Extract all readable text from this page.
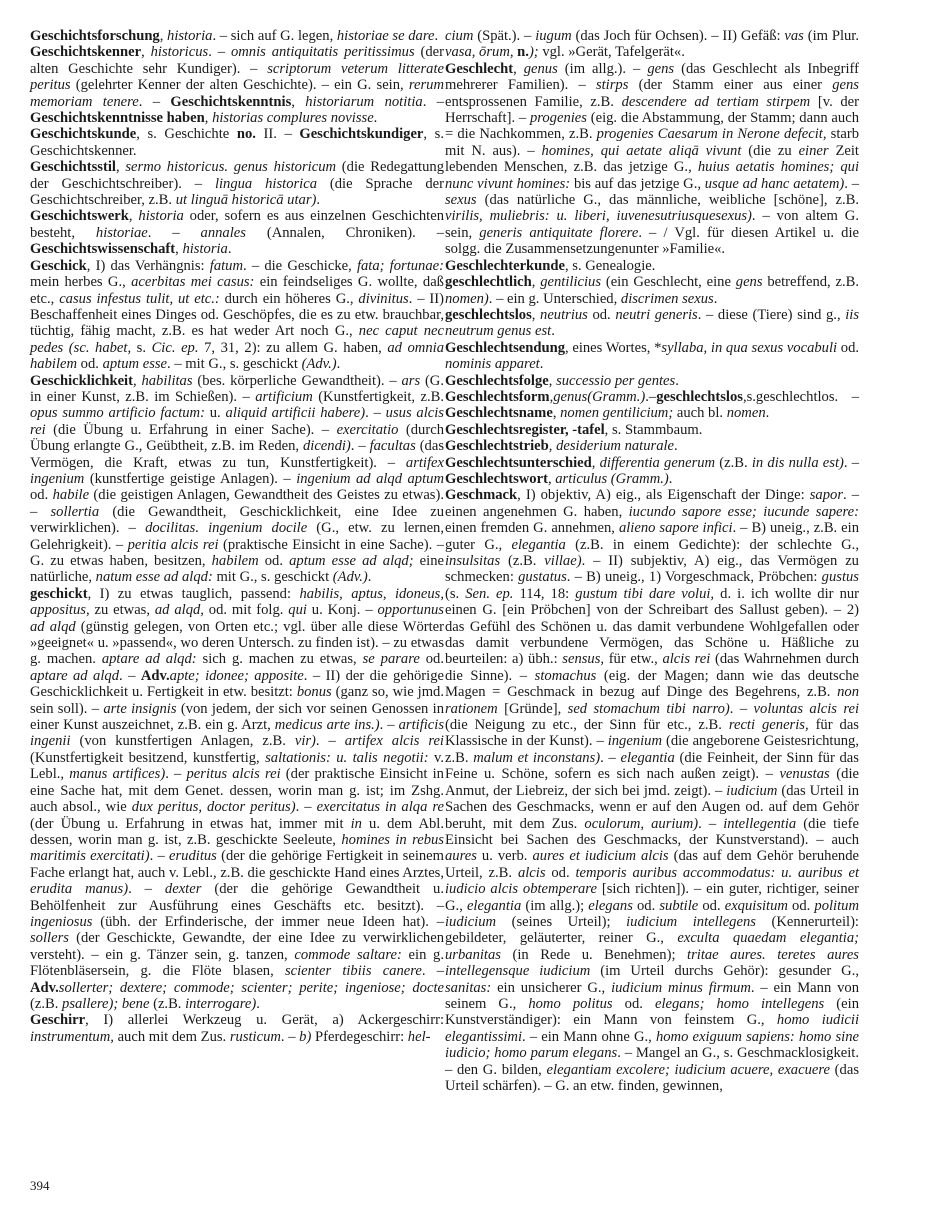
Geschichtsforschung, historia. – sich auf G. legen, historiae se dare.

Geschichtskenner, historicus. – omnis antiquitatis peritissimus (der alten Geschichte sehr Kundiger). – scriptorum veterum litterate peritus (gelehrter Kenner der alten Geschichte). – ein G. sein, rerum memoriam tenere. – Geschichtskenntnis, historiarum notitia. – Geschichtskenntnisse haben, historias complures novisse.

Geschichtskunde, s. Geschichte no. II. – Geschichtskundiger, s. Geschichtskenner.

Geschichtsstil, sermo historicus. genus historicum (die Redegattung der Geschichtschreiber). – lingua historica (die Sprache der Geschichtschreiber, z.B. ut linguā historicā utar).

Geschichtswerk, historia oder, sofern es aus einzelnen Geschichten besteht, historiae. – annales (Annalen, Chroniken). – Geschichtswissenschaft, historia.

Geschick, I) das Verhängnis: fatum. – die Geschicke, fata; fortunae: mein herbes G., acerbitas mei casus: ein feindseliges G. wollte, daß etc., casus infestus tulit, ut etc.: durch ein höheres G., divinitus. – II) Beschaffenheit eines Dinges od. Geschöpfes, die es zu etw. brauchbar, tüchtig, fähig macht, z.B. es hat weder Art noch G., nec caput nec pedes (sc. habet, s. Cic. ep. 7, 31, 2): zu allem G. haben, ad omnia habilem od. aptum esse. – mit G., s. geschickt (Adv.).

Geschicklichkeit, habilitas (bes. körperliche Gewandtheit). – ars (G. in einer Kunst, z.B. im Schießen). – artificium (Kunstfertigkeit, z.B. opus summo artificio factum: u. aliquid artificii habere). – usus alcis rei (die Übung u. Erfahrung in einer Sache). – exercitatio (durch Übung erlangte G., Geübtheit, z.B. im Reden, dicendi). – facultas (das Vermögen, die Kraft, etwas zu tun, Kunstfertigkeit). – artifex ingenium (kunstfertige geistige Anlagen). – ingenium ad alqd aptum od. habile (die geistigen Anlagen, Gewandtheit des Geistes zu etwas). – sollertia (die Gewandtheit, Geschicklichkeit, eine Idee zu verwirklichen). – docilitas. ingenium docile (G., etw. zu lernen, Gelehrigkeit). – peritia alcis rei (praktische Einsicht in eine Sache). – G. zu etwas haben, besitzen, habilem od. aptum esse ad alqd; eine natürliche, natum esse ad alqd: mit G., s. geschickt (Adv.).

geschickt, I) zu etwas tauglich, passend: habilis, aptus, idoneus, appositus, zu etwas, ad alqd, od. mit folg. qui u. Konj. – opportunus ad alqd (günstig gelegen, von Orten etc.; vgl. über alle diese Wörter »geeignet« u. »passend«, wo deren Untersch. zu finden ist). – zu etwas g. machen. aptare ad alqd: sich g. machen zu etwas, se parare od. aptare ad alqd. – Adv.apte; idonee; apposite. – II) der die gehörige Geschicklichkeit u. Fertigkeit in etw. besitzt: bonus (ganz so, wie jmd. sein soll). – arte insignis (von jedem, der sich vor seinen Genossen in einer Kunst auszeichnet, z.B. ein g. Arzt, medicus arte ins.). – artificis ingenii (von kunstfertigen Anlagen, z.B. vir). – artifex alcis rei (Kunstfertigkeit besitzend, kunstfertig, saltationis: u. talis negotii: v. Lebl., manus artifices). – peritus alcis rei (der praktische Einsicht in eine Sache hat, mit dem Genet. dessen, worin man g. ist; im Zshg. auch absol., wie dux peritus, doctor peritus). – exercitatus in alqa re (der Übung u. Erfahrung in etwas hat, immer mit in u. dem Abl. dessen, worin man g. ist, z.B. geschickte Seeleute, homines in rebus maritimis exercitati). – eruditus (der die gehörige Fertigkeit in seinem Fache erlangt hat, auch v. Lebl., z.B. die geschickte Hand eines Arztes, erudita manus). – dexter (der die gehörige Gewandtheit u. Behölfenheit zur Ausführung eines Geschäfts etc. besitzt). – ingeniosus (übh. der Erfinderische, der immer neue Ideen hat). – sollers (der Geschickte, Gewandte, der eine Idee zu verwirklichen versteht). – ein g. Tänzer sein, g. tanzen, commode saltare: ein g. Flötenbläsersein, g. die Flöte blasen, scienter tibiis canere. – Adv.sollerter; dextere; commode; scienter; perite; ingeniose; docte (z.B. psallere); bene (z.B. interrogare).

Geschirr, I) allerlei Werkzeug u. Gerät, a) Ackergeschirr: instrumentum, auch mit dem Zus. rusticum. – b) Pferdegeschirr: hel-

cium (Spät.). – iugum (das Joch für Ochsen). – II) Gefäß: vas (im Plur. vasa, ōrum, n.); vgl. »Gerät, Tafelgerät«.

Geschlecht, genus (im allg.). – gens (das Geschlecht als Inbegriff mehrerer Familien). – stirps (der Stamm einer aus einer gens entsprossenen Familie, z.B. descendere ad tertiam stirpem [v. der Herrschaft]. – progenies (eig. die Abstammung, der Stamm; dann auch = die Nachkommen, z.B. progenies Caesarum in Nerone defecit, starb mit N. aus). – homines, qui aetate aliqā vivunt (die zu einer Zeit lebenden Menschen, z.B. das jetzige G., huius aetatis homines; qui nunc vivunt homines: bis auf das jetzige G., usque ad hanc aetatem). – sexus (das natürliche G., das männliche, weibliche [schöne], z.B. virilis, muliebris: u. liberi, iuvenesutriusquesexus). – von altem G. sein, generis antiquitate florere. – / Vgl. für diesen Artikel u. die solgg. die Zusammensetzungenunter »Familie«.

Geschlechterkunde, s. Genealogie.

geschlechtlich, gentilicius (ein Geschlecht, eine gens betreffend, z.B. nomen). – ein g. Unterschied, discrimen sexus.

geschlechtslos, neutrius od. neutri generis. – diese (Tiere) sind g., iis neutrum genus est.

Geschlechtsendung, eines Wortes, *syllaba, in qua sexus vocabuli od. nominis apparet.

Geschlechtsfolge, successio per gentes.

Geschlechtsform,genus(Gramm.).–geschlechtslos,s.geschlechtlos. – Geschlechtsname, nomen gentilicium; auch bl. nomen.

Geschlechtsregister, -tafel, s. Stammbaum.

Geschlechtstrieb, desiderium naturale.

Geschlechtsunterschied, differentia generum (z.B. in dis nulla est). – Geschlechtswort, articulus (Gramm.).

Geschmack, I) objektiv, A) eig., als Eigenschaft der Dinge: sapor. – einen angenehmen G. haben, iucundo sapore esse; iucunde sapere: einen fremden G. annehmen, alieno sapore infici. – B) uneig., z.B. ein guter G., elegantia (z.B. in einem Gedichte): der schlechte G., insulsitas (z.B. villae). – II) subjektiv, A) eig., das Vermögen zu schmecken: gustatus. – B) uneig., 1) Vorgeschmack, Pröbchen: gustus (s. Sen. ep. 114, 18: gustum tibi dare volui, d. i. ich wollte dir nur einen G. [ein Pröbchen] von der Schreibart des Sallust geben). – 2) das Gefühl des Schönen u. das damit verbundene Wohlgefallen oder das damit verbundene Vermögen, das Schöne u. Häßliche zu beurteilen: a) übh.: sensus, für etw., alcis rei (das Wahrnehmen durch die Sinne). – stomachus (eig. der Magen; dann wie das deutsche Magen = Geschmack in bezug auf Dinge des Begehrens, z.B. non rationem [Gründe], sed stomachum tibi narro). – voluntas alcis rei (die Neigung zu etc., der Sinn für etc., z.B. recti generis, für das Klassische in der Kunst). – ingenium (die angeborene Geistesrichtung, z.B. malum et inconstans). – elegantia (die Feinheit, der Sinn für das Feine u. Schöne, sofern es sich nach außen zeigt). – venustas (die Anmut, der Liebreiz, der sich bei jmd. zeigt). – iudicium (das Urteil in Sachen des Geschmacks, wenn er auf den Augen od. auf dem Gehör beruht, mit dem Zus. oculorum, aurium). – intellegentia (die tiefe Einsicht bei Sachen des Geschmacks, der Kunstverstand). – auch aures u. verb. aures et iudicium alcis (das auf dem Gehör beruhende Urteil, z.B. alcis od. temporis auribus accommodatus: u. auribus et iudicio alcis obtemperare [sich richten]). – ein guter, richtiger, seiner G., elegantia (im allg.); elegans od. subtile od. exquisitum od. politum iudicium (seines Urteil); iudicium intellegens (Kennerurteil): gebildeter, geläuterter, reiner G., exculta quaedam elegantia; urbanitas (in Rede u. Benehmen); tritae aures. teretes aures intellegensque iudicium (im Urteil durchs Gehör): gesunder G., sanitas: ein unsicherer G., iudicium minus firmum. – ein Mann von seinem G., homo politus od. elegans; homo intellegens (ein Kunstverständiger): ein Mann von feinstem G., homo iudicii elegantissimi. – ein Mann ohne G., homo exiguum sapiens: homo sine iudicio; homo parum elegans. – Mangel an G., s. Geschmacklosigkeit. – den G. bilden, elegantiam excolere; iudicium acuere, exacuere (das Urteil schärfen). – G. an etw. finden, gewinnen,

394
